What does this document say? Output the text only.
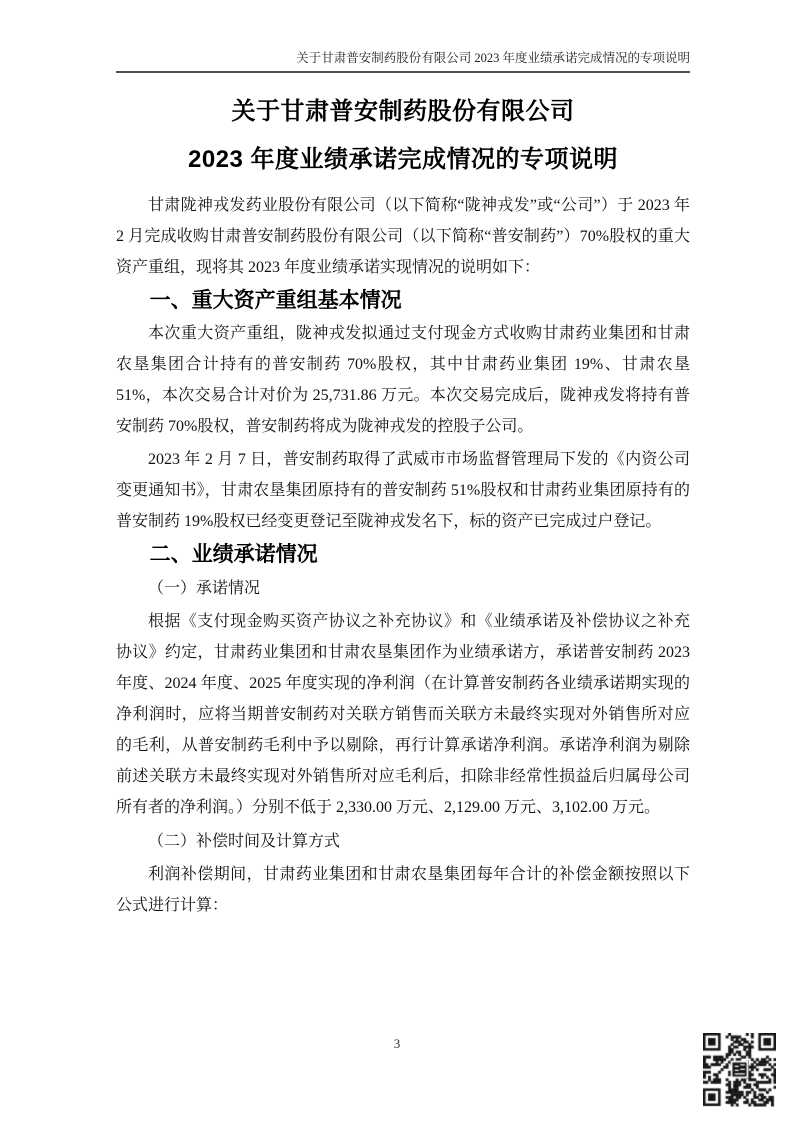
关于甘肃普安制药股份有限公司 2023 年度业绩承诺完成情况的专项说明
关于甘肃普安制药股份有限公司
2023 年度业绩承诺完成情况的专项说明

甘肃陇神戎发药业股份有限公司（以下简称“陇神戎发”或“公司”）于 2023 年 2 月完成收购甘肃普安制药股份有限公司（以下简称“普安制药”）70%股权的重大资产重组，现将其 2023 年度业绩承诺实现情况的说明如下：

一、重大资产重组基本情况

本次重大资产重组，陇神戎发拟通过支付现金方式收购甘肃药业集团和甘肃农垦集团合计持有的普安制药 70%股权，其中甘肃药业集团 19%、甘肃农垦 51%，本次交易合计对价为 25,731.86 万元。本次交易完成后，陇神戎发将持有普安制药 70%股权，普安制药将成为陇神戎发的控股子公司。

2023 年 2 月 7 日，普安制药取得了武威市市场监督管理局下发的《内资公司变更通知书》，甘肃农垦集团原持有的普安制药 51%股权和甘肃药业集团原持有的普安制药 19%股权已经变更登记至陇神戎发名下，标的资产已完成过户登记。

二、业绩承诺情况

（一）承诺情况

根据《支付现金购买资产协议之补充协议》和《业绩承诺及补偿协议之补充协议》约定，甘肃药业集团和甘肃农垦集团作为业绩承诺方，承诺普安制药 2023 年度、2024 年度、2025 年度实现的净利润（在计算普安制药各业绩承诺期实现的净利润时，应将当期普安制药对关联方销售而关联方未最终实现对外销售所对应的毛利，从普安制药毛利中予以剔除，再行计算承诺净利润。承诺净利润为剔除前述关联方未最终实现对外销售所对应毛利后，扣除非经常性损益后归属母公司所有者的净利润。）分别不低于 2,330.00 万元、2,129.00 万元、3,102.00 万元。

（二）补偿时间及计算方式

利润补偿期间，甘肃药业集团和甘肃农垦集团每年合计的补偿金额按照以下公式进行计算：

3
